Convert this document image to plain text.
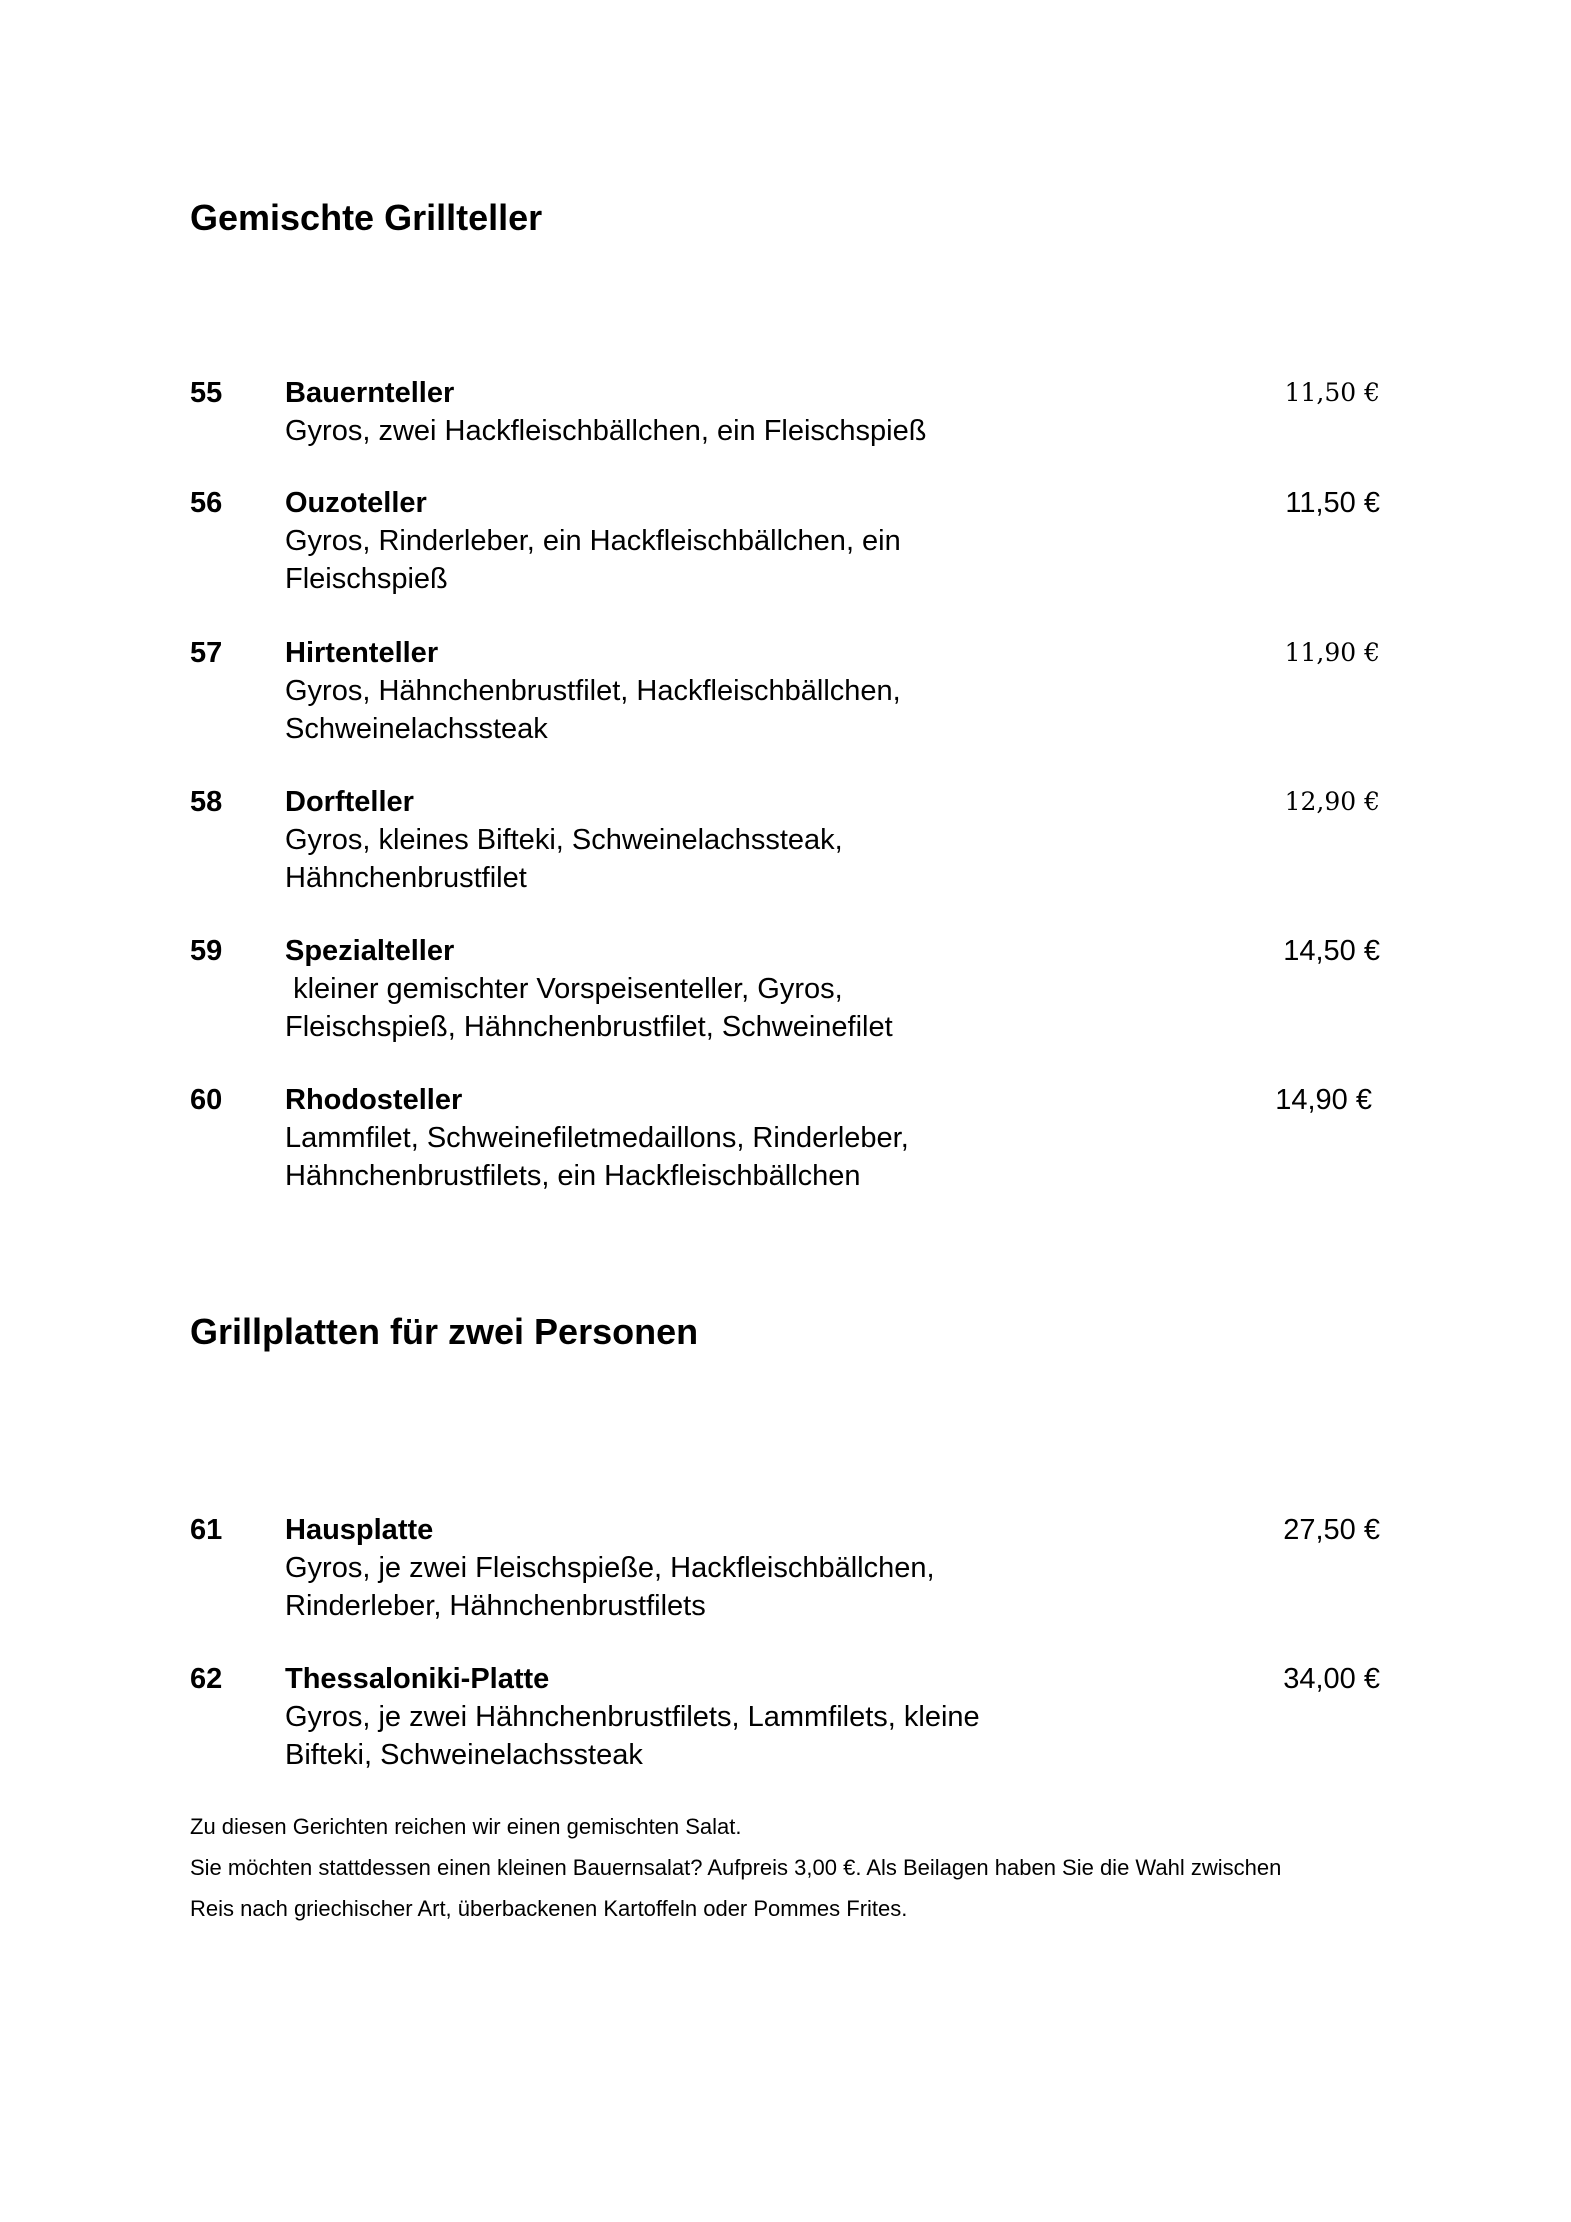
Gemischte Grillteller
55 Bauernteller	11,50 €
Gyros, zwei Hackfleischbällchen, ein Fleischspieß
56 Ouzoteller	11,50 €
Gyros, Rinderleber, ein Hackfleischbällchen, ein Fleischspieß
57 Hirtenteller	11,90 €
Gyros, Hähnchenbrustfilet, Hackfleischbällchen, Schweinelachssteak
58 Dorfteller	12,90 €
Gyros, kleines Bifteki, Schweinelachssteak, Hähnchenbrustfilet
59 Spezialteller	14,50 €
kleiner gemischter Vorspeisenteller, Gyros, Fleischspieß, Hähnchenbrustfilet, Schweinefilet
60 Rhodosteller	14,90 €
Lammfilet, Schweinefiletmedaillons, Rinderleber, Hähnchenbrustfilets, ein Hackfleischbällchen
Grillplatten für zwei Personen
61 Hausplatte	27,50 €
Gyros, je zwei Fleischspieße, Hackfleischbällchen, Rinderleber, Hähnchenbrustfilets
62 Thessaloniki-Platte	34,00 €
Gyros, je zwei Hähnchenbrustfilets, Lammfilets, kleine Bifteki, Schweinelachssteak
Zu diesen Gerichten reichen wir einen gemischten Salat.
Sie möchten stattdessen einen kleinen Bauernsalat? Aufpreis 3,00 €. Als Beilagen haben Sie die Wahl zwischen
Reis nach griechischer Art, überbackenen Kartoffeln oder Pommes Frites.
